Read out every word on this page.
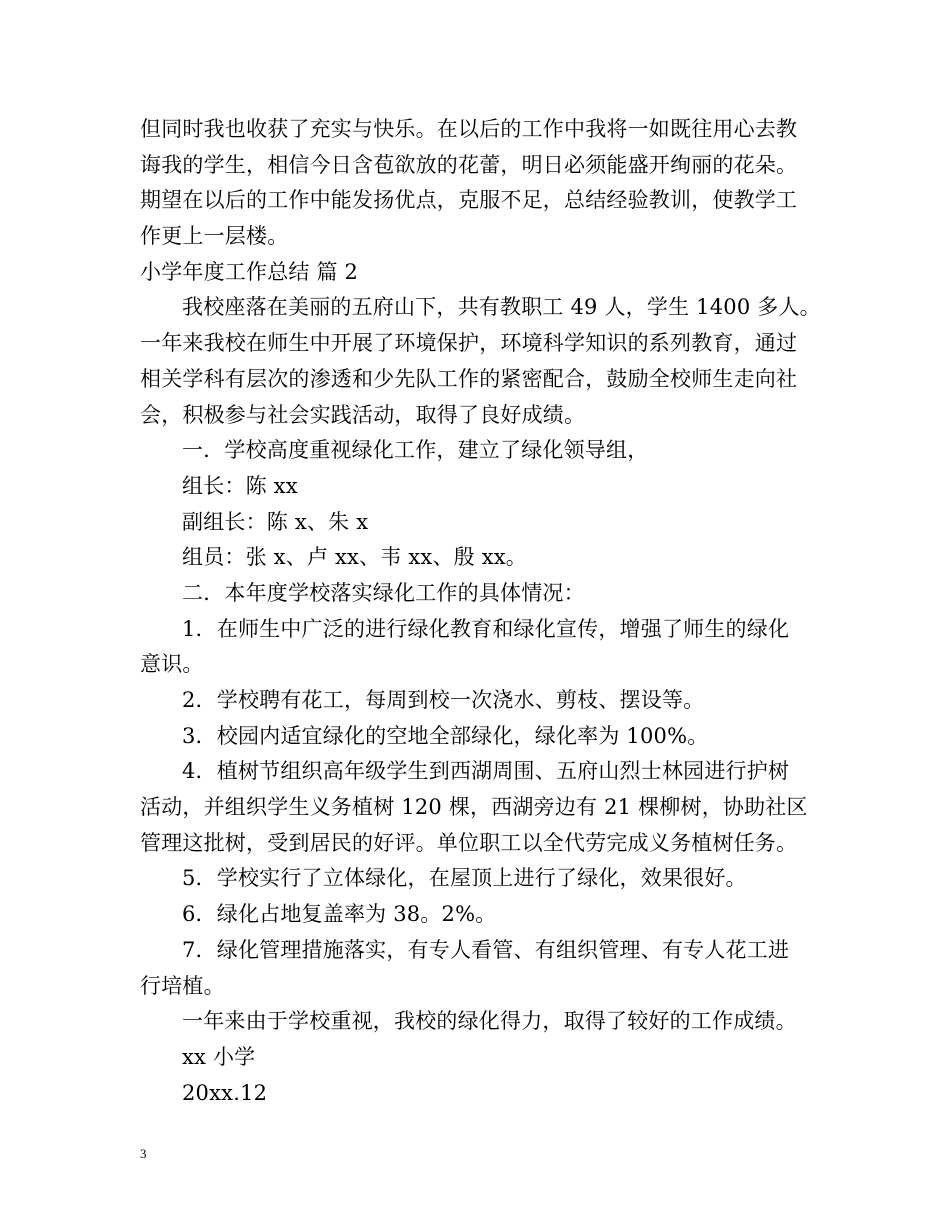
但同时我也收获了充实与快乐。在以后的工作中我将一如既往用心去教
诲我的学生，相信今日含苞欲放的花蕾，明日必须能盛开绚丽的花朵。
期望在以后的工作中能发扬优点，克服不足，总结经验教训，使教学工
作更上一层楼。
小学年度工作总结 篇 2
我校座落在美丽的五府山下，共有教职工 49 人，学生 1400 多人。
一年来我校在师生中开展了环境保护，环境科学知识的系列教育，通过
相关学科有层次的渗透和少先队工作的紧密配合，鼓励全校师生走向社
会，积极参与社会实践活动，取得了良好成绩。
一．学校高度重视绿化工作，建立了绿化领导组，
组长：陈 xx
副组长：陈 x、朱 x
组员：张 x、卢 xx、韦 xx、殷 xx。
二．本年度学校落实绿化工作的具体情况：
1．在师生中广泛的进行绿化教育和绿化宣传，增强了师生的绿化
意识。
2．学校聘有花工，每周到校一次浇水、剪枝、摆设等。
3．校园内适宜绿化的空地全部绿化，绿化率为 100%。
4．植树节组织高年级学生到西湖周围、五府山烈士林园进行护树
活动，并组织学生义务植树 120 棵，西湖旁边有 21 棵柳树，协助社区
管理这批树，受到居民的好评。单位职工以全代劳完成义务植树任务。
5．学校实行了立体绿化，在屋顶上进行了绿化，效果很好。
6．绿化占地复盖率为 38。2%。
7．绿化管理措施落实，有专人看管、有组织管理、有专人花工进
行培植。
一年来由于学校重视，我校的绿化得力，取得了较好的工作成绩。
xx 小学
20xx.12
3
